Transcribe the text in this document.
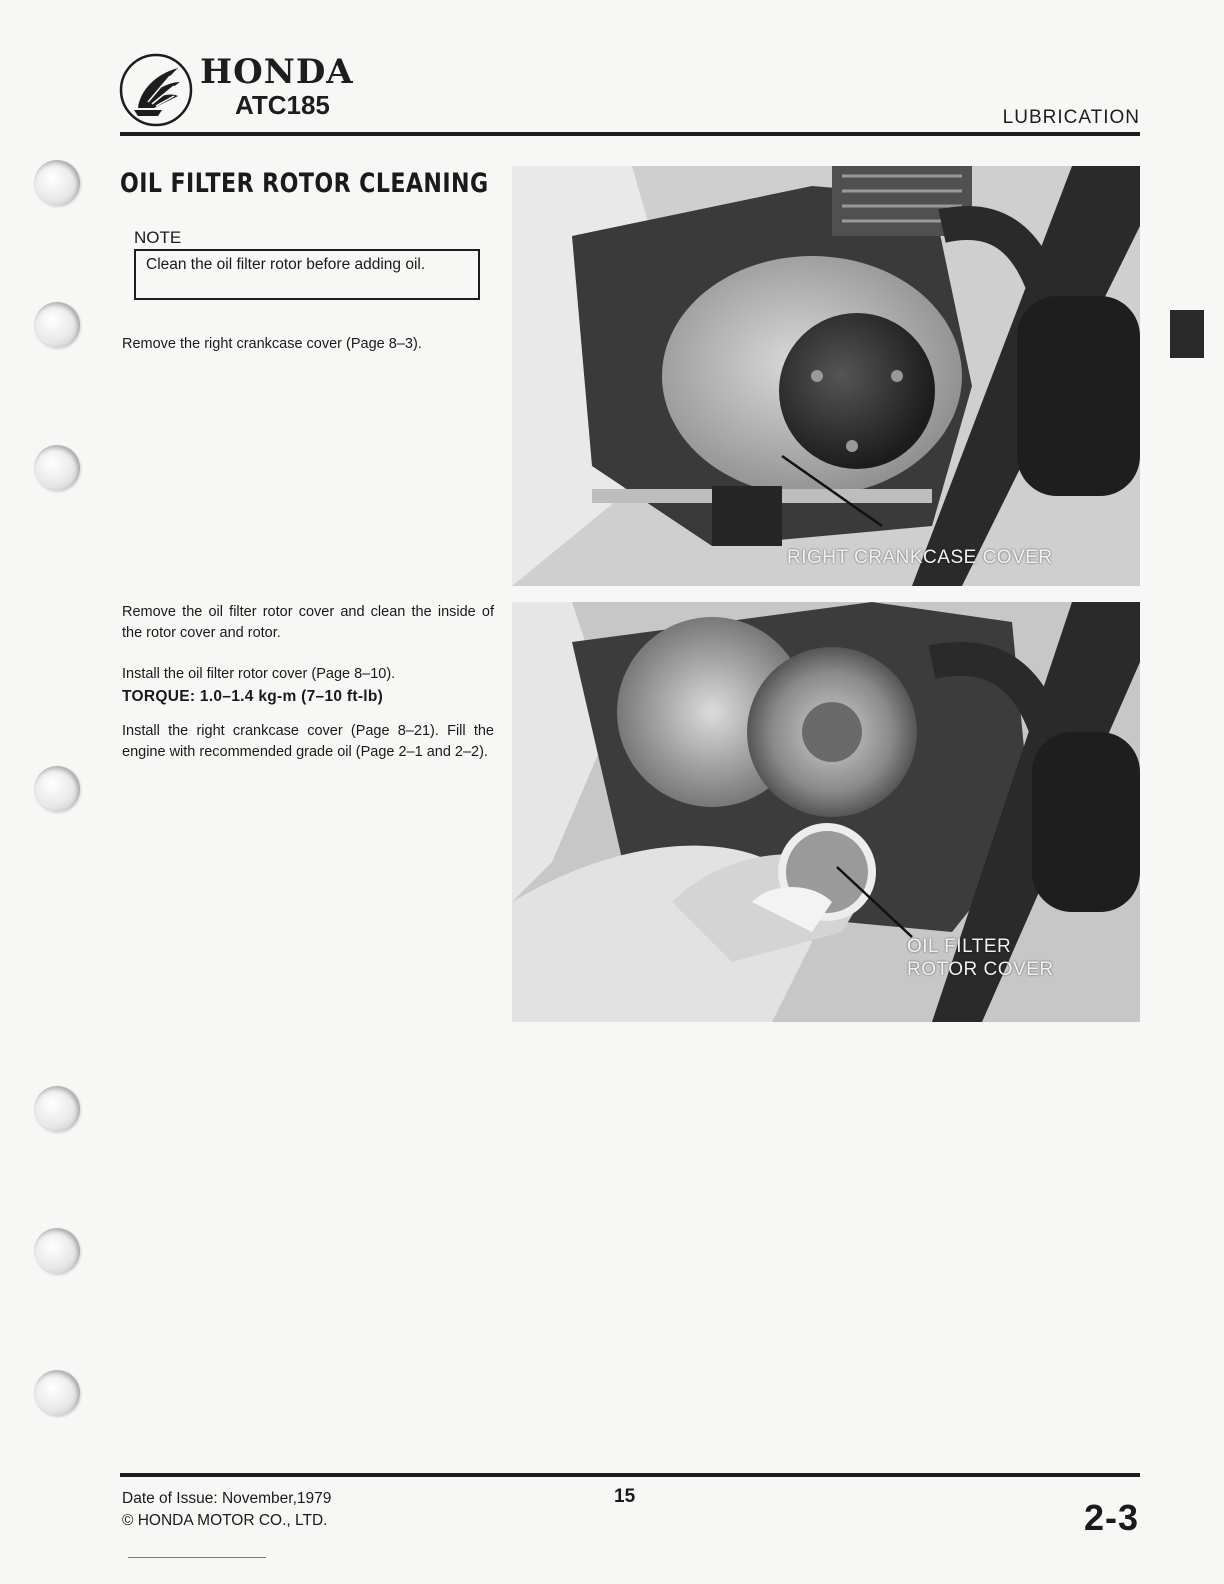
HONDA
ATC185	LUBRICATION
OIL FILTER ROTOR CLEANING
NOTE
Clean the oil filter rotor before adding oil.
Remove the right crankcase cover (Page 8–3).
Remove the oil filter rotor cover and clean the inside of the rotor cover and rotor.
Install the oil filter rotor cover (Page 8–10).
TORQUE: 1.0–1.4 kg-m (7–10 ft-lb)
Install the right crankcase cover (Page 8–21). Fill the engine with recommended grade oil (Page 2–1 and 2–2).
RIGHT CRANKCASE COVER
OIL FILTER
ROTOR COVER
Date of Issue: November,1979
© HONDA MOTOR CO., LTD.
15
2-3
